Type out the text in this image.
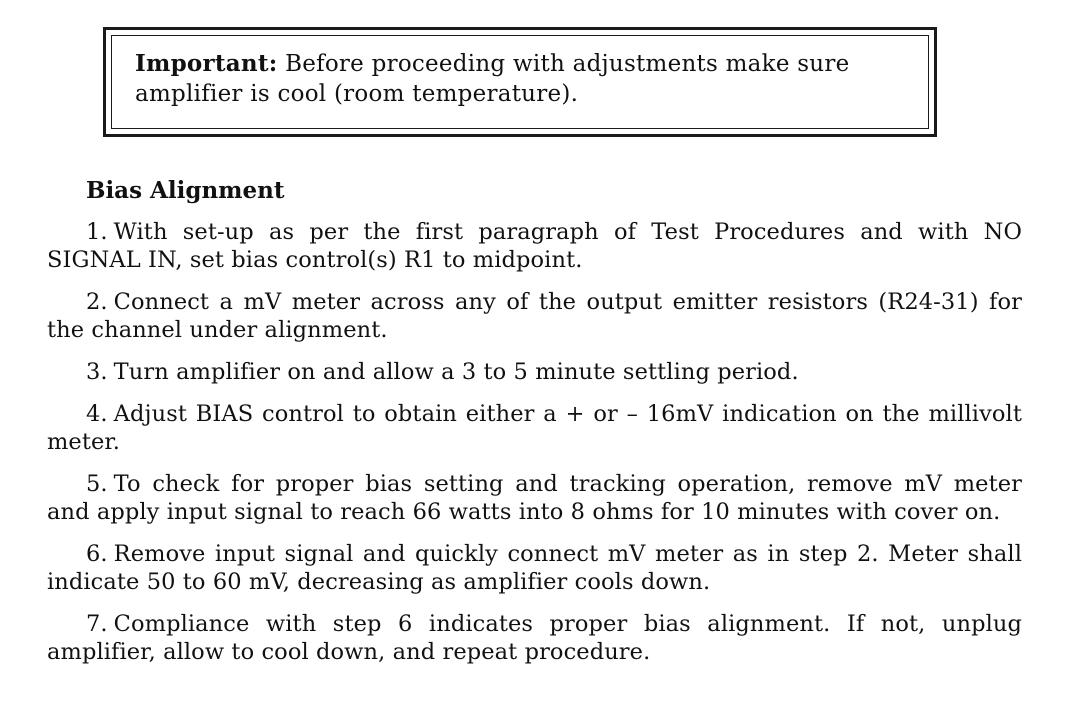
Important: Before proceeding with adjustments make sure amplifier is cool (room temperature).
Bias Alignment
1. With set-up as per the first paragraph of Test Procedures and with NO SIGNAL IN, set bias control(s) R1 to midpoint.
2. Connect a mV meter across any of the output emitter resistors (R24-31) for the channel under alignment.
3. Turn amplifier on and allow a 3 to 5 minute settling period.
4. Adjust BIAS control to obtain either a + or – 16mV indication on the millivolt meter.
5. To check for proper bias setting and tracking operation, remove mV meter and apply input signal to reach 66 watts into 8 ohms for 10 minutes with cover on.
6. Remove input signal and quickly connect mV meter as in step 2. Meter shall indicate 50 to 60 mV, decreasing as amplifier cools down.
7. Compliance with step 6 indicates proper bias alignment. If not, unplug amplifier, allow to cool down, and repeat procedure.
